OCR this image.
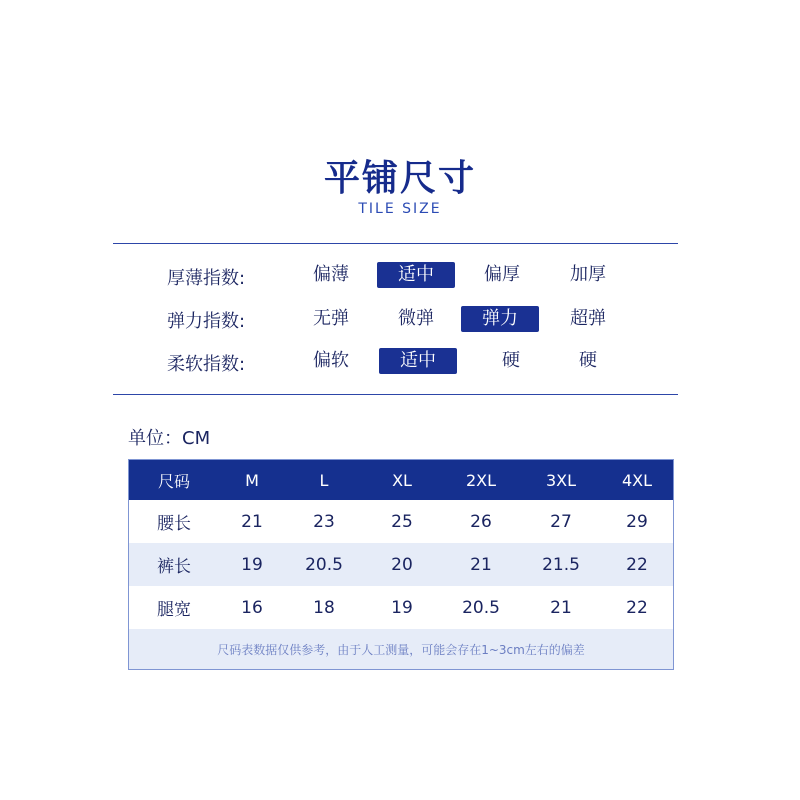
平铺尺寸
TILE SIZE
厚薄指数:	偏薄	适中	偏厚	加厚
弹力指数:	无弹	微弹	弹力	超弹
柔软指数:	偏软	适中	硬	硬
单位：CM
尺码	M	L	XL	2XL	3XL	4XL
腰长	21	23	25	26	27	29
裤长	19	20.5	20	21	21.5	22
腿宽	16	18	19	20.5	21	22
尺码表数据仅供参考，由于人工测量，可能会存在1~3cm左右的偏差
